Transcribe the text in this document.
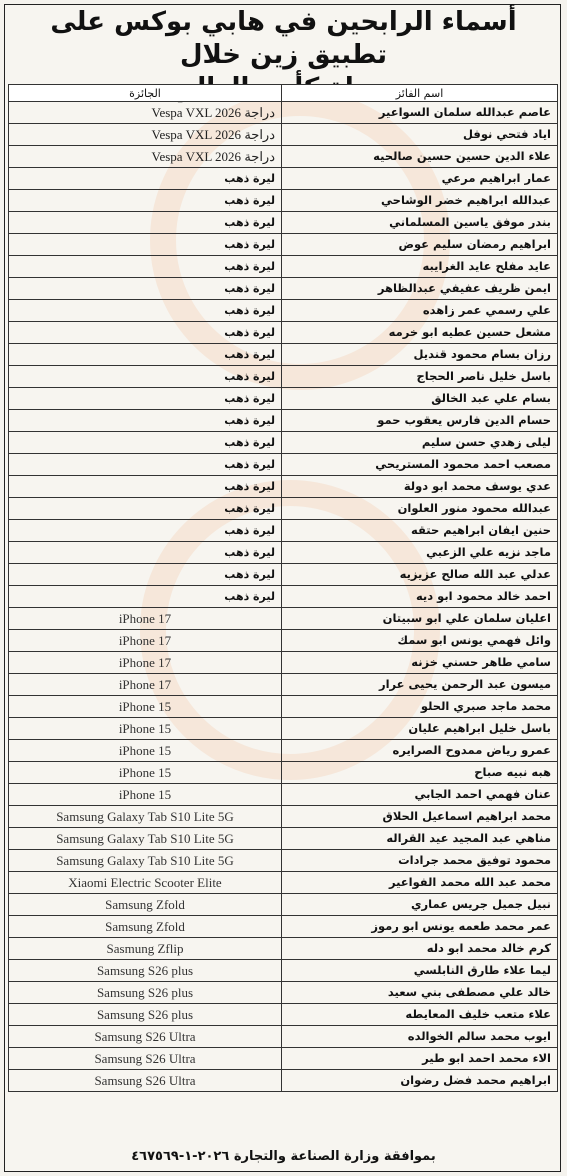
أسماء الرابحين في هابي بوكس على تطبيق زين خلال
اسم الفائز	الجائزة
عاصم عبدالله سلمان السواعير	دراجة Vespa VXL 2026
اياد فتحي نوفل	دراجة Vespa VXL 2026
علاء الدين حسين حسين صالحيه	دراجة Vespa VXL 2026
عمار ابراهيم مرعي	ليرة ذهب
عبدالله ابراهيم خضر الوشاحي	ليرة ذهب
بندر موفق ياسين المسلماني	ليرة ذهب
ابراهيم رمضان سليم عوض	ليرة ذهب
عايد مفلح عايد الغرايبه	ليرة ذهب
ايمن ظريف عفيفي عبدالظاهر	ليرة ذهب
علي رسمي عمر زاهده	ليرة ذهب
مشعل حسين عطيه ابو خرمه	ليرة ذهب
رزان بسام محمود قنديل	ليرة ذهب
باسل خليل ناصر الحجاج	ليرة ذهب
بسام علي عبد الخالق	ليرة ذهب
حسام الدين فارس يعقوب حمو	ليرة ذهب
ليلى زهدي حسن سليم	ليرة ذهب
مصعب احمد محمود المستريحي	ليرة ذهب
عدي يوسف محمد ابو دولة	ليرة ذهب
عبدالله محمود منور العلوان	ليرة ذهب
حنين ايفان ابراهيم حتقه	ليرة ذهب
ماجد نزيه علي الزعبي	ليرة ذهب
عدلي عبد الله صالح عزيزيه	ليرة ذهب
احمد خالد محمود ابو ديه	ليرة ذهب
اعليان سلمان علي ابو سبيتان	iPhone 17
وائل فهمي يونس ابو سمك	iPhone 17
سامي طاهر حسني خزنه	iPhone 17
ميسون عبد الرحمن يحيى عرار	iPhone 17
محمد ماجد صبري الحلو	iPhone 15
باسل خليل ابراهيم عليان	iPhone 15
عمرو رياض ممدوح الصرايره	iPhone 15
هبه نبيه صباح	iPhone 15
عنان فهمي احمد الجابي	iPhone 15
محمد ابراهيم اسماعيل الحلاق	Samsung Galaxy Tab S10 Lite 5G
مناهي عبد المجيد عيد القراله	Samsung Galaxy Tab S10 Lite 5G
محمود توفيق محمد جرادات	Samsung Galaxy Tab S10 Lite 5G
محمد عبد الله محمد الفواعير	Xiaomi Electric Scooter Elite
نبيل جميل جريس عماري	Samsung Zfold
عمر محمد طعمه يونس ابو رموز	Samsung Zfold
كرم خالد محمد ابو دله	Sasmung Zflip
ليما علاء طارق النابلسي	Samsung S26 plus
خالد علي مصطفى بني سعيد	Samsung S26 plus
علاء متعب خليف المعايطه	Samsung S26 plus
ايوب محمد سالم الخوالده	Samsung S26 Ultra
الاء محمد احمد ابو طير	Samsung S26 Ultra
ابراهيم محمد فضل رضوان	Samsung S26 Ultra
بموافقة وزارة الصناعة والتجارة ٢٠٢٦-١-٤٦٧٥٦٩
